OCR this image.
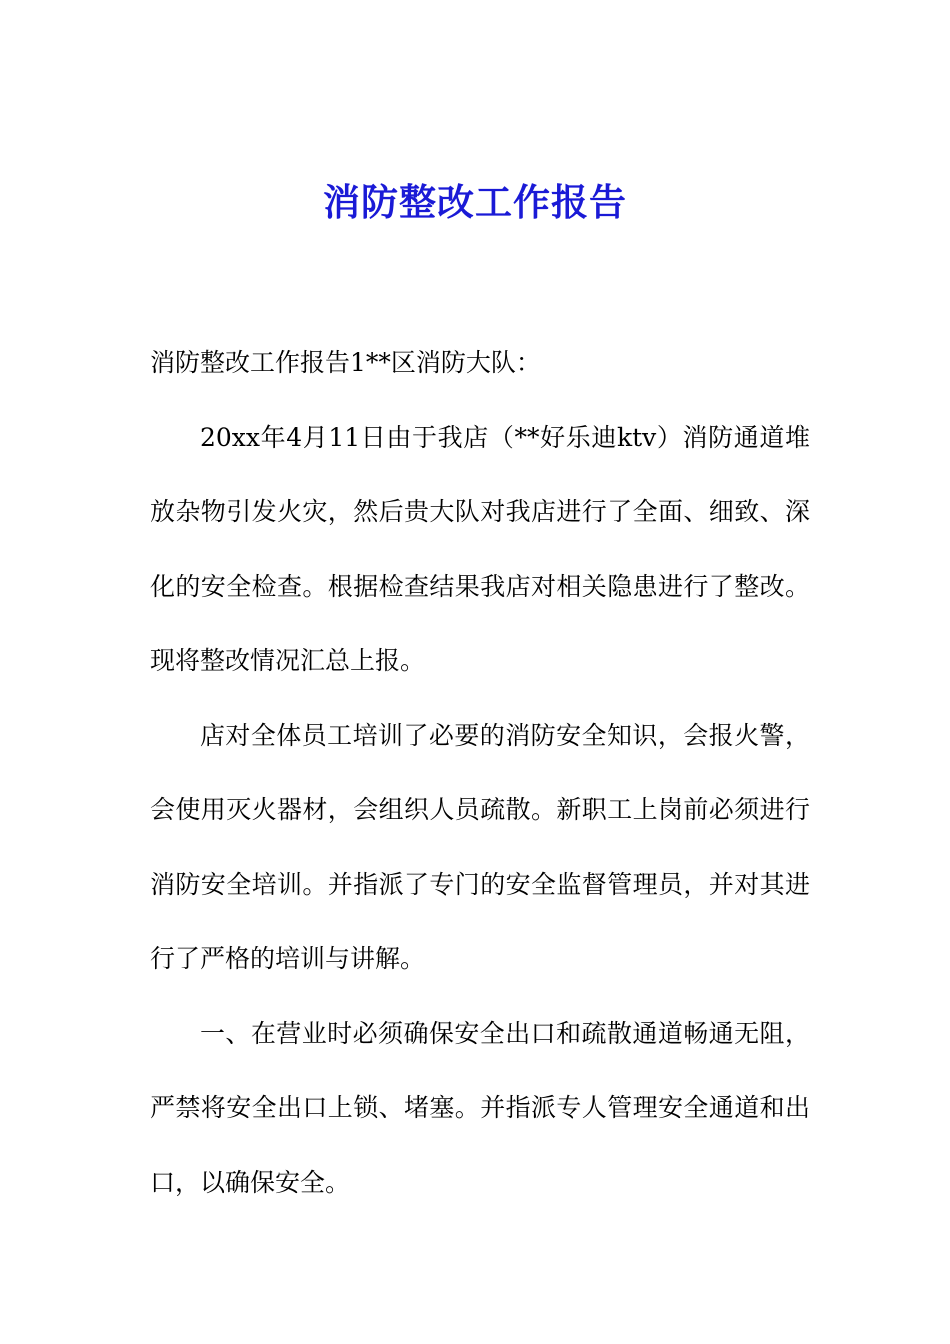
消防整改工作报告

消防整改工作报告1**区消防大队：

20xx年4月11日由于我店（**好乐迪ktv）消防通道堆放杂物引发火灾，然后贵大队对我店进行了全面、细致、深化的安全检查。根据检查结果我店对相关隐患进行了整改。现将整改情况汇总上报。

店对全体员工培训了必要的消防安全知识，会报火警，会使用灭火器材，会组织人员疏散。新职工上岗前必须进行消防安全培训。并指派了专门的安全监督管理员，并对其进行了严格的培训与讲解。

一、在营业时必须确保安全出口和疏散通道畅通无阻，严禁将安全出口上锁、堵塞。并指派专人管理安全通道和出口，以确保安全。
